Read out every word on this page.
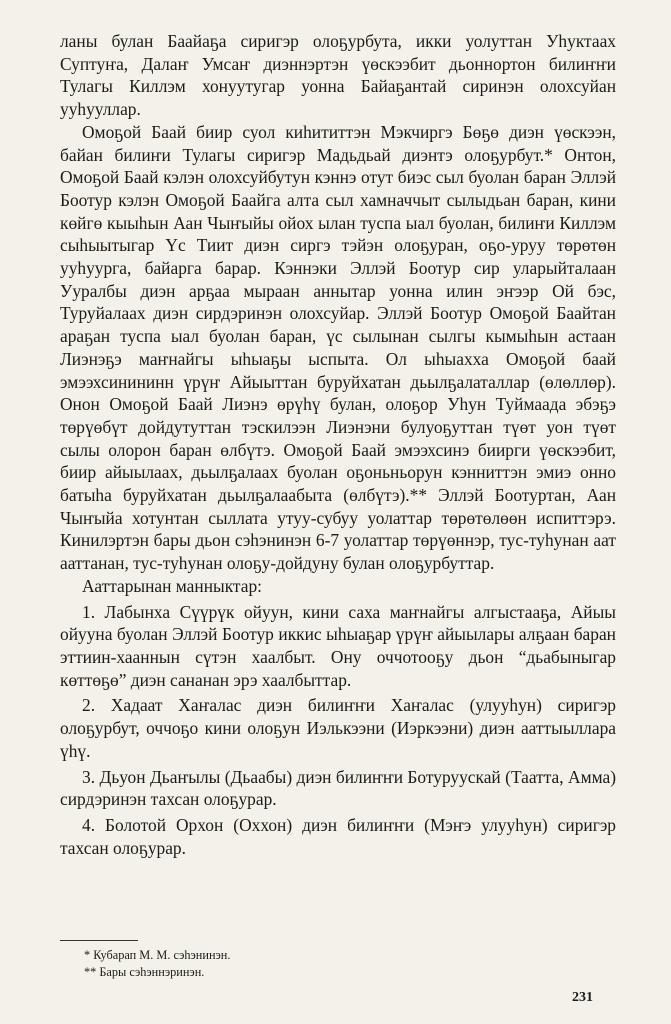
ланы булан Баайаҕа сиригэр олоҕурбута, икки уолуттан Уһуктаах Суптуҥа, Далаҥ Умсаҥ диэннэртэн үөскээбит дьоннортон билиҥҥи Тулагы Киллэм хонуутугар уонна Байаҕантай сиринэн олохсуйан ууһууллар.

Омоҕой Баай биир суол киһититтэн Мэкчиргэ Бөҕө диэн үөскээн, байан билиҥи Тулагы сиригэр Мадьдьай диэнтэ олоҕурбут.* Онтон, Омоҕой Баай кэлэн олохсуйбутун кэннэ отут биэс сыл буолан баран Эллэй Боотур кэлэн Омоҕой Баайга алта сыл хамначчыт сылыдьан баран, кини көйгө кыыһын Аан Чыҥыйы ойох ылан туспа ыал буолан, билиҥи Киллэм сыһыытыгар Үс Тиит диэн сиргэ тэйэн олоҕуран, оҕо-уруу төрөтөн ууһуурга, байарга барар. Кэннэки Эллэй Боотур сир уларыйталаан Ууралбы диэн арҕаа мыраан аннытар уонна илин эҥээр Ой бэс, Туруйалаах диэн сирдэринэн олохсуйар. Эллэй Боотур Омоҕой Баайтан араҕан туспа ыал буолан баран, үс сылынан сылгы кымыһын астаан Лиэнэҕэ маҥнайгы ыһыаҕы ыспыта. Ол ыһыахха Омоҕой баай эмээхсинининн үрүҥ Айыыттан буруйхатан дьылҕалаталлар (өлөллөр). Онон Омоҕой Баай Лиэнэ өрүһү булан, олоҕор Уһун Туймаада эбэҕэ төрүөбүт дойдутуттан тэскилээн Лиэнэни булуоҕуттан түөт уон түөт сылы олорон баран өлбүтэ. Омоҕой Баай эмээхсинэ биирги үөскээбит, биир айыылаах, дьылҕалаах буолан оҕоньньорун кэнниттэн эмиэ онно батыһа буруйхатан дьылҕалаабыта (өлбүтэ).** Эллэй Боотуртан, Аан Чыҥыйа хотунтан сыллата утуу-субуу уолаттар төрөтөлөөн испиттэрэ. Кинилэртэн бары дьон сэһэнинэн 6-7 уолаттар төрүөннэр, тус-туһунан аат ааттанан, тус-туһунан олоҕу-дойдуну булан олоҕурбуттар.

Ааттарынан манныктар:

1. Лабынха Сүүрүк ойуун, кини саха маҥнайгы алгыстааҕа, Айыы ойууна буолан Эллэй Боотур иккис ыһыаҕар үрүҥ айыылары алҕаан баран эттиин-хааннын сүтэн хаалбыт. Ону оччотооҕу дьон “дьабыныгар көттөҕө” диэн сананан эрэ хаалбыттар.

2. Хадаат Хаҥалас диэн билиҥҥи Хаҥалас (улууһун) сиригэр олоҕурбут, оччоҕо кини олоҕун Иэлькээни (Иэркээни) диэн ааттыыллара үһү.

3. Дьуон Дьаҥылы (Дьаабы) диэн билиҥҥи Ботуруускай (Таатта, Амма) сирдэринэн тахсан олоҕурар.

4. Болотой Орхон (Оххон) диэн билиҥҥи (Мэҥэ улууһун) сиригэр тахсан олоҕурар.

* Кубарап М. М. сэһэнинэн.
** Бары сэһэннэринэн.
231
